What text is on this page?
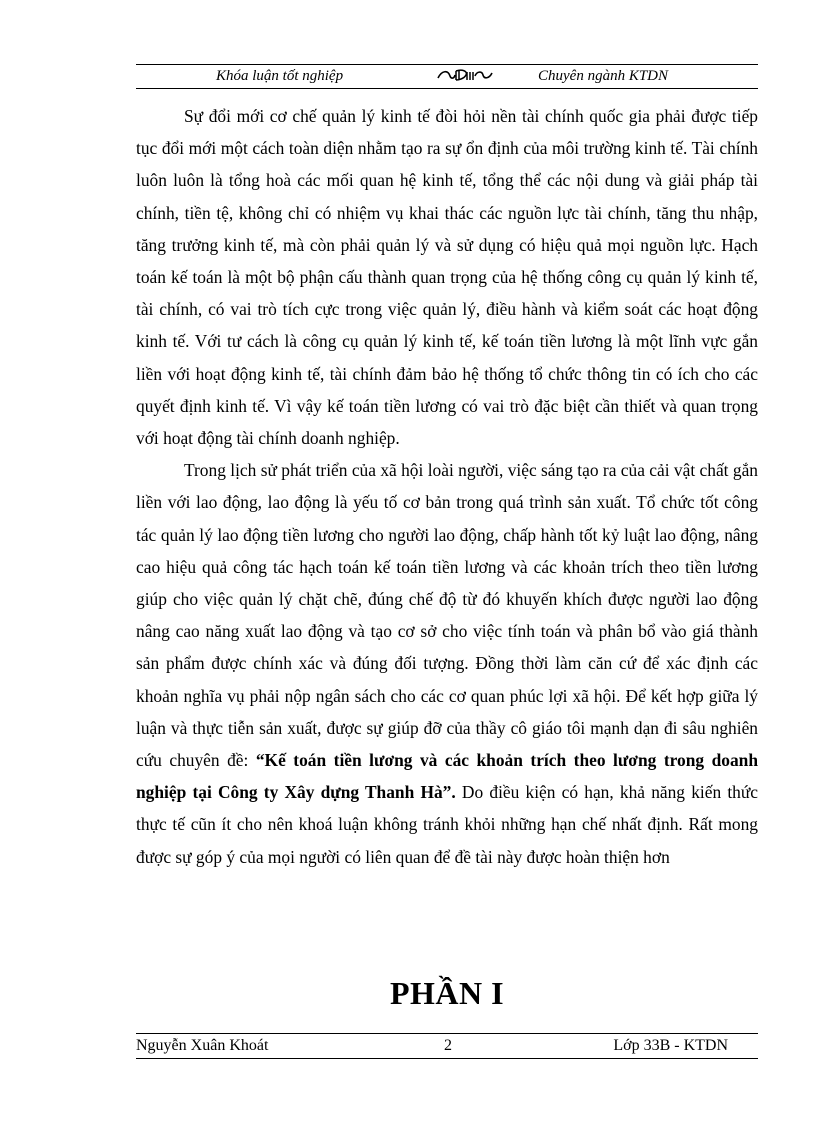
Khóa luận tốt nghiệp	Chuyên ngành KTDN

Sự đổi mới cơ chế quản lý kinh tế đòi hỏi nền tài chính quốc gia phải được tiếp tục đổi mới một cách toàn diện nhằm tạo ra sự ổn định của môi trường kinh tế. Tài chính luôn luôn là tổng hoà các mối quan hệ kinh tế, tổng thể các nội dung và giải pháp tài chính, tiền tệ, không chỉ có nhiệm vụ khai thác các nguồn lực tài chính, tăng thu nhập, tăng trưởng kinh tế, mà còn phải quản lý và sử dụng có hiệu quả mọi nguồn lực. Hạch toán kế toán là một bộ phận cấu thành quan trọng của hệ thống công cụ quản lý kinh tế, tài chính, có vai trò tích cực trong việc quản lý, điều hành và kiểm soát các hoạt động kinh tế. Với tư cách là công cụ quản lý kinh tế, kế toán tiền lương là một lĩnh vực gắn liền với hoạt động kinh tế, tài chính đảm bảo hệ thống tổ chức thông tin có ích cho các quyết định kinh tế. Vì vậy kế toán tiền lương có vai trò đặc biệt cần thiết và quan trọng với hoạt động tài chính doanh nghiệp.

Trong lịch sử phát triển của xã hội loài người, việc sáng tạo ra của cải vật chất gắn liền với lao động, lao động là yếu tố cơ bản trong quá trình sản xuất. Tổ chức tốt công tác quản lý lao động tiền lương cho người lao động, chấp hành tốt kỷ luật lao động, nâng cao hiệu quả công tác hạch toán kế toán tiền lương và các khoản trích theo tiền lương giúp cho việc quản lý chặt chẽ, đúng chế độ từ đó khuyến khích được người lao động nâng cao năng xuất lao động và tạo cơ sở cho việc tính toán và phân bổ vào giá thành sản phẩm được chính xác và đúng đối tượng. Đồng thời làm căn cứ để xác định các khoản nghĩa vụ phải nộp ngân sách cho các cơ quan phúc lợi xã hội. Để kết hợp giữa lý luận và thực tiễn sản xuất, được sự giúp đỡ của thầy cô giáo tôi mạnh dạn đi sâu nghiên cứu chuyên đề: “Kế toán tiền lương và các khoản trích theo lương trong doanh nghiệp tại Công ty Xây dựng Thanh Hà”. Do điều kiện có hạn, khả năng kiến thức thực tế cũn ít cho nên khoá luận không tránh khỏi những hạn chế nhất định. Rất mong được sự góp ý của mọi người có liên quan để đề tài này được hoàn thiện hơn

PHẦN I
Nguyễn Xuân Khoát	2	Lớp 33B - KTDN
